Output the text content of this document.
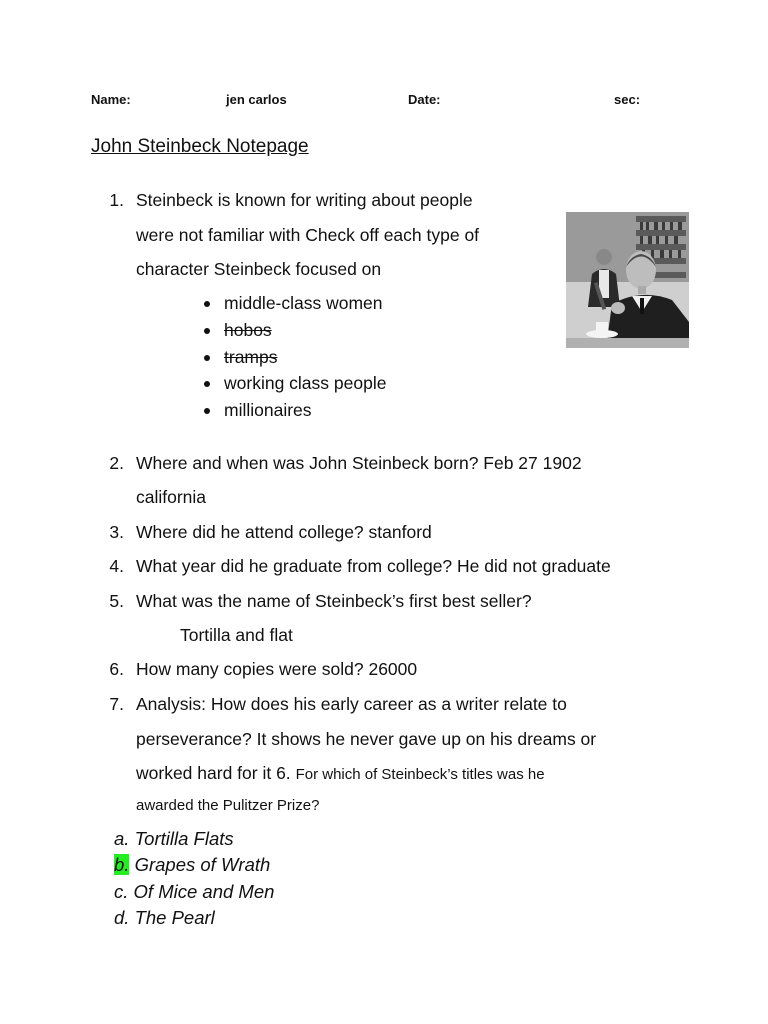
Name:	jen carlos	Date:	sec:
John Steinbeck Notepage
1. Steinbeck is known for writing about people
were not familiar with Check off each type of
character Steinbeck focused on
middle-class women
hobos
tramps
working class people
millionaires
2. Where and when was John Steinbeck born? Feb 27 1902
california
3. Where did he attend college? stanford
4. What year did he graduate from college? He did not graduate
5. What was the name of Steinbeck’s first best seller?
Tortilla and flat
6. How many copies were sold? 26000
7. Analysis: How does his early career as a writer relate to
perseverance? It shows he never gave up on his dreams or
worked hard for it 6. For which of Steinbeck’s titles was he
awarded the Pulitzer Prize?
a. Tortilla Flats
b. Grapes of Wrath
c. Of Mice and Men
d. The Pearl
